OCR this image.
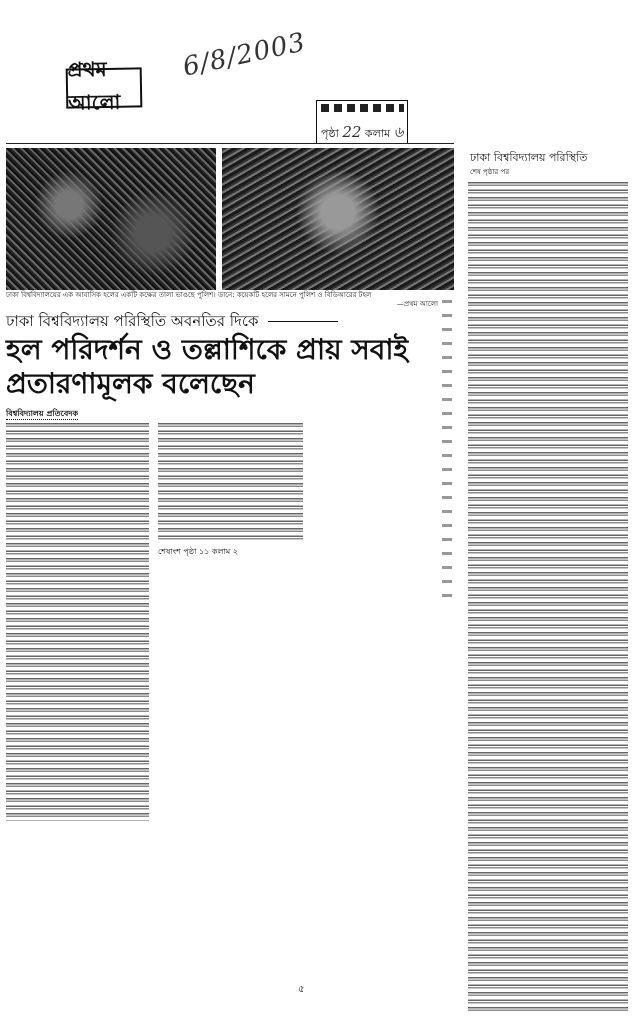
প্রথম আলো
6/8/2003
পৃষ্ঠা 22 কলাম ৬
ঢাকা বিশ্ববিদ্যালয়ের এক আবাসিক হলের একটি কক্ষের তালা ভাঙছে পুলিশ। ডানে: কয়েকটি হলের সামনে পুলিশ ও বিডিআরের টহল
—প্রথম আলো
ঢাকা বিশ্ববিদ্যালয় পরিস্থিতি অবনতির দিকে
হল পরিদর্শন ও তল্লাশিকে প্রায় সবাই প্রতারণামূলক বলেছেন
বিশ্ববিদ্যালয় প্রতিবেদক
শেষাংশ পৃষ্ঠা ১১ কলাম ২
ঢাকা বিশ্ববিদ্যালয় পরিস্থিতি
শেষ পৃষ্ঠার পর
৫
